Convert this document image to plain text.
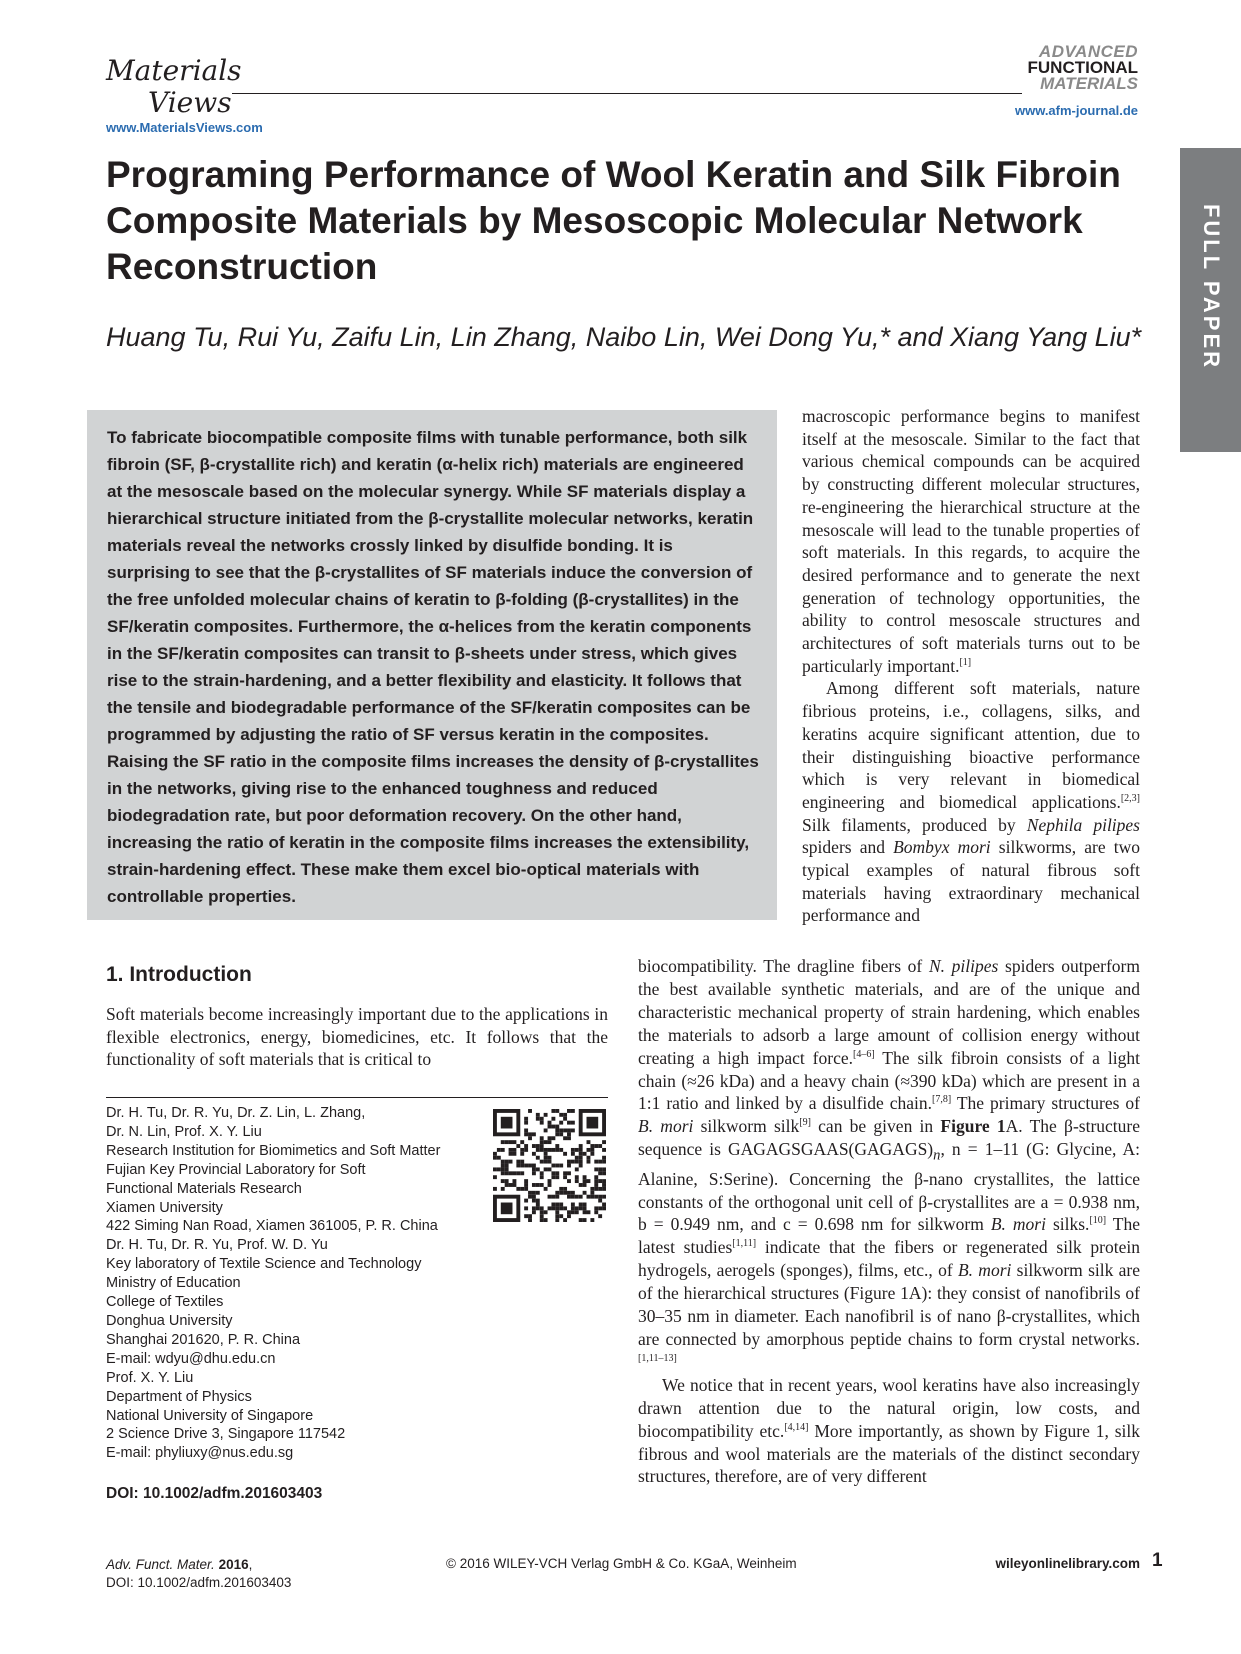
Materials
Views
www.MaterialsViews.com
ADVANCED
FUNCTIONAL
MATERIALS
www.afm-journal.de
FULL PAPER
Programing Performance of Wool Keratin and Silk Fibroin Composite Materials by Mesoscopic Molecular Network Reconstruction
Huang Tu, Rui Yu, Zaifu Lin, Lin Zhang, Naibo Lin, Wei Dong Yu,* and Xiang Yang Liu*
To fabricate biocompatible composite films with tunable performance, both silk fibroin (SF, β-crystallite rich) and keratin (α-helix rich) materials are engineered at the mesoscale based on the molecular synergy. While SF materials display a hierarchical structure initiated from the β-crystallite molecular networks, keratin materials reveal the networks crossly linked by disulfide bonding. It is surprising to see that the β-crystallites of SF materials induce the conversion of the free unfolded molecular chains of keratin to β-folding (β-crystallites) in the SF/keratin composites. Furthermore, the α-helices from the keratin components in the SF/keratin composites can transit to β-sheets under stress, which gives rise to the strain-hardening, and a better flexibility and elasticity. It follows that the tensile and biodegradable performance of the SF/keratin composites can be programmed by adjusting the ratio of SF versus keratin in the composites. Raising the SF ratio in the composite films increases the density of β-crystallites in the networks, giving rise to the enhanced toughness and reduced biodegradation rate, but poor deformation recovery. On the other hand, increasing the ratio of keratin in the composite films increases the extensibility, strain-hardening effect. These make them excel bio-optical materials with controllable properties.
1. Introduction
Soft materials become increasingly important due to the applications in flexible electronics, energy, biomedicines, etc. It follows that the functionality of soft materials that is critical to
Dr. H. Tu, Dr. R. Yu, Dr. Z. Lin, L. Zhang,
Dr. N. Lin, Prof. X. Y. Liu
Research Institution for Biomimetics and Soft Matter
Fujian Key Provincial Laboratory for Soft
Functional Materials Research
Xiamen University
422 Siming Nan Road, Xiamen 361005, P. R. China
Dr. H. Tu, Dr. R. Yu, Prof. W. D. Yu
Key laboratory of Textile Science and Technology
Ministry of Education
College of Textiles
Donghua University
Shanghai 201620, P. R. China
E-mail: wdyu@dhu.edu.cn
Prof. X. Y. Liu
Department of Physics
National University of Singapore
2 Science Drive 3, Singapore 117542
E-mail: phyliuxy@nus.edu.sg
DOI: 10.1002/adfm.201603403

macroscopic performance begins to manifest itself at the mesoscale. Similar to the fact that various chemical compounds can be acquired by constructing different molecular structures, re-engineering the hierarchical structure at the mesoscale will lead to the tunable properties of soft materials. In this regards, to acquire the desired performance and to generate the next generation of technology opportunities, the ability to control mesoscale structures and architectures of soft materials turns out to be particularly important.[1]

Among different soft materials, nature fibrious proteins, i.e., collagens, silks, and keratins acquire significant attention, due to their distinguishing bioactive performance which is very relevant in biomedical engineering and biomedical applications.[2,3] Silk filaments, produced by Nephila pilipes spiders and Bombyx mori silkworms, are two typical examples of natural fibrous soft materials having extraordinary mechanical performance and

biocompatibility. The dragline fibers of N. pilipes spiders outperform the best available synthetic materials, and are of the unique and characteristic mechanical property of strain hardening, which enables the materials to adsorb a large amount of collision energy without creating a high impact force.[4–6] The silk fibroin consists of a light chain (≈26 kDa) and a heavy chain (≈390 kDa) which are present in a 1:1 ratio and linked by a disulfide chain.[7,8] The primary structures of B. mori silkworm silk[9] can be given in Figure 1A. The β-structure sequence is $GAGAGSGAAS(GAGAGS)_n$, n = 1–11 (G: Glycine, A: Alanine, S:Serine). Concerning the β-nano crystallites, the lattice constants of the orthogonal unit cell of β-crystallites are a = 0.938 nm, b = 0.949 nm, and c = 0.698 nm for silkworm B. mori silks.[10] The latest studies[1,11] indicate that the fibers or regenerated silk protein hydrogels, aerogels (sponges), films, etc., of B. mori silkworm silk are of the hierarchical structures (Figure 1A): they consist of nanofibrils of 30–35 nm in diameter. Each nanofibril is of nano β-crystallites, which are connected by amorphous peptide chains to form crystal networks.[1,11–13]

We notice that in recent years, wool keratins have also increasingly drawn attention due to the natural origin, low costs, and biocompatibility etc.[4,14] More importantly, as shown by Figure 1, silk fibrous and wool materials are the materials of the distinct secondary structures, therefore, are of very different

Adv. Funct. Mater. 2016,
DOI: 10.1002/adfm.201603403
© 2016 WILEY-VCH Verlag GmbH & Co. KGaA, Weinheim	wileyonlinelibrary.com 1
